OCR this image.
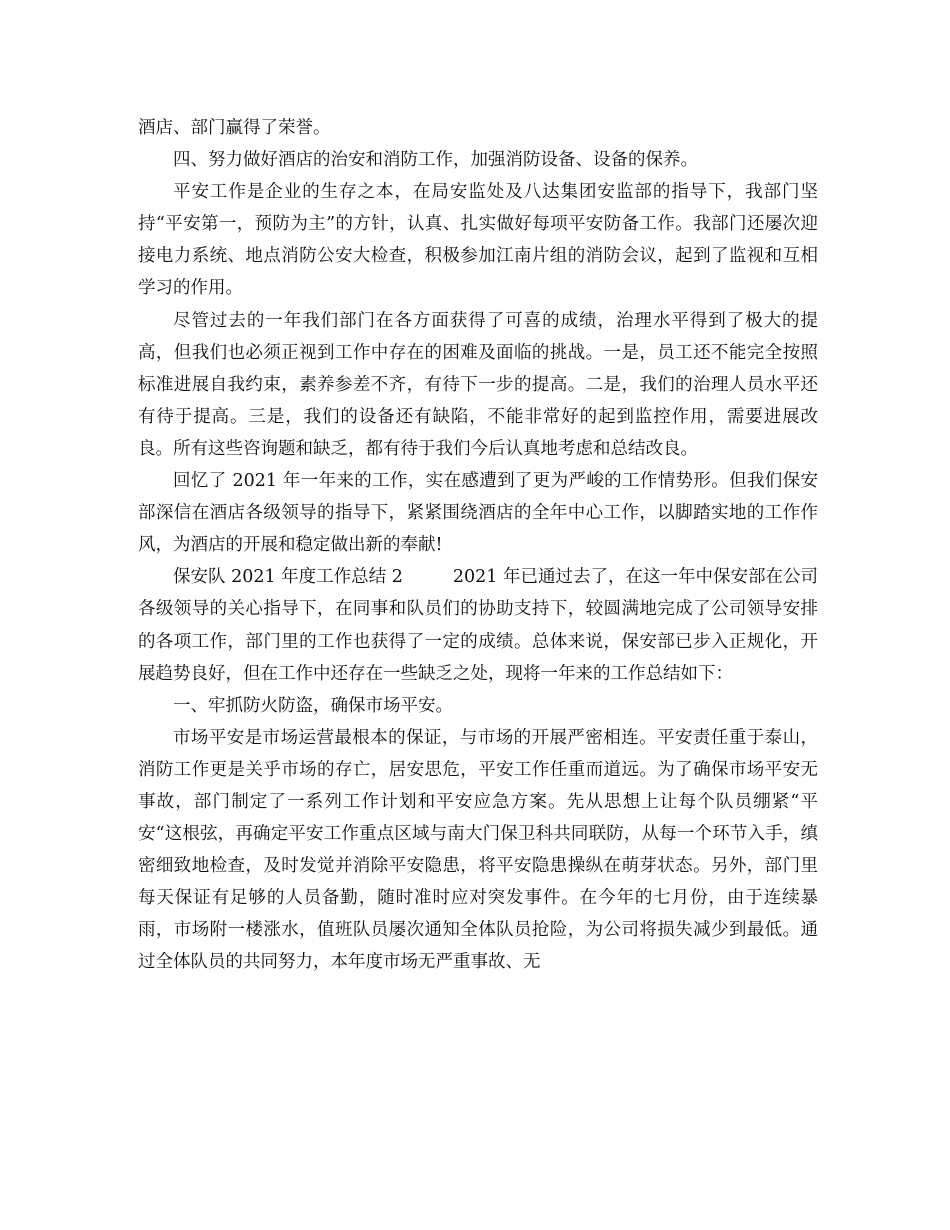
酒店、部门赢得了荣誉。

四、努力做好酒店的治安和消防工作，加强消防设备、设备的保养。

平安工作是企业的生存之本，在局安监处及八达集团安监部的指导下，我部门坚持“平安第一，预防为主”的方针，认真、扎实做好每项平安防备工作。我部门还屡次迎接电力系统、地点消防公安大检查，积极参加江南片组的消防会议，起到了监视和互相学习的作用。

尽管过去的一年我们部门在各方面获得了可喜的成绩，治理水平得到了极大的提高，但我们也必须正视到工作中存在的困难及面临的挑战。一是，员工还不能完全按照标准进展自我约束，素养参差不齐，有待下一步的提高。二是，我们的治理人员水平还有待于提高。三是，我们的设备还有缺陷，不能非常好的起到监控作用，需要进展改良。所有这些咨询题和缺乏，都有待于我们今后认真地考虑和总结改良。

回忆了 2021 年一年来的工作，实在感遭到了更为严峻的工作情势形。但我们保安部深信在酒店各级领导的指导下，紧紧围绕酒店的全年中心工作，以脚踏实地的工作作风，为酒店的开展和稳定做出新的奉献!

保安队 2021 年度工作总结 2	2021 年已通过去了，在这一年中保安部在公司各级领导的关心指导下，在同事和队员们的协助支持下，较圆满地完成了公司领导安排的各项工作，部门里的工作也获得了一定的成绩。总体来说，保安部已步入正规化，开展趋势良好，但在工作中还存在一些缺乏之处，现将一年来的工作总结如下：

一、牢抓防火防盗，确保市场平安。

市场平安是市场运营最根本的保证，与市场的开展严密相连。平安责任重于泰山，消防工作更是关乎市场的存亡，居安思危，平安工作任重而道远。为了确保市场平安无事故，部门制定了一系列工作计划和平安应急方案。先从思想上让每个队员绷紧“平安“这根弦，再确定平安工作重点区域与南大门保卫科共同联防，从每一个环节入手，缜密细致地检查，及时发觉并消除平安隐患，将平安隐患操纵在萌芽状态。另外，部门里每天保证有足够的人员备勤，随时准时应对突发事件。在今年的七月份，由于连续暴雨，市场附一楼涨水，值班队员屡次通知全体队员抢险，为公司将损失减少到最低。通过全体队员的共同努力，本年度市场无严重事故、无
